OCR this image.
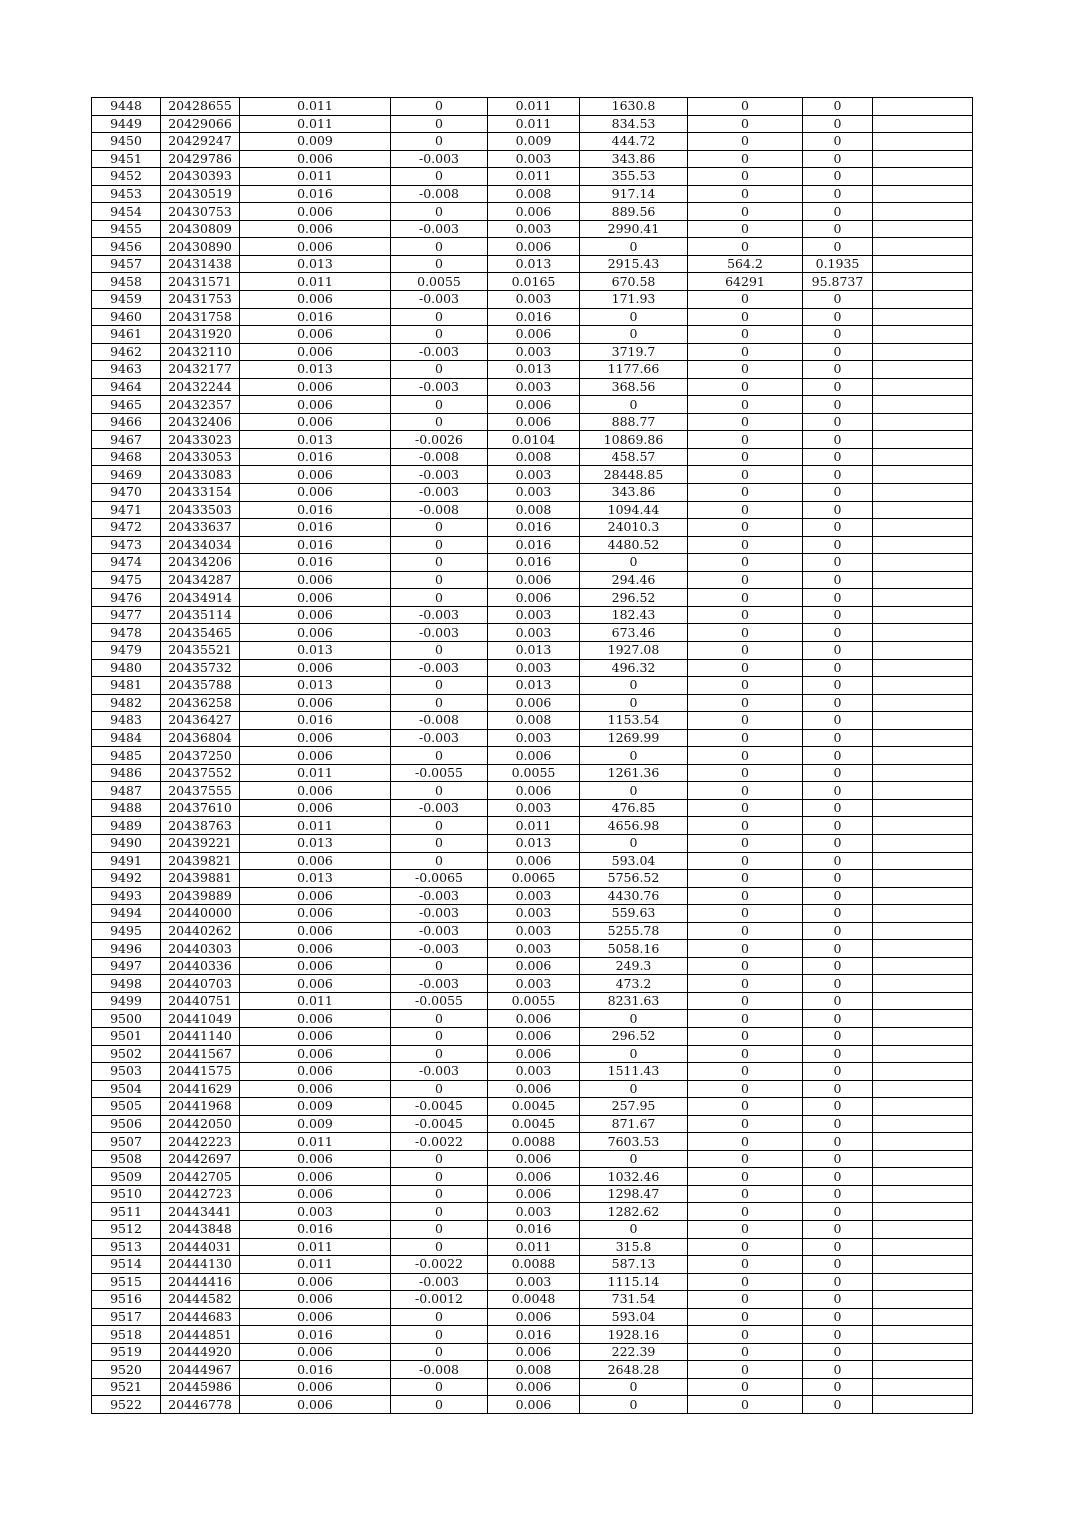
9448	20428655	0.011	0	0.011	1630.8	0	0	
9449	20429066	0.011	0	0.011	834.53	0	0	
9450	20429247	0.009	0	0.009	444.72	0	0	
9451	20429786	0.006	-0.003	0.003	343.86	0	0	
9452	20430393	0.011	0	0.011	355.53	0	0	
9453	20430519	0.016	-0.008	0.008	917.14	0	0	
9454	20430753	0.006	0	0.006	889.56	0	0	
9455	20430809	0.006	-0.003	0.003	2990.41	0	0	
9456	20430890	0.006	0	0.006	0	0	0	
9457	20431438	0.013	0	0.013	2915.43	564.2	0.1935	
9458	20431571	0.011	0.0055	0.0165	670.58	64291	95.8737	
9459	20431753	0.006	-0.003	0.003	171.93	0	0	
9460	20431758	0.016	0	0.016	0	0	0	
9461	20431920	0.006	0	0.006	0	0	0	
9462	20432110	0.006	-0.003	0.003	3719.7	0	0	
9463	20432177	0.013	0	0.013	1177.66	0	0	
9464	20432244	0.006	-0.003	0.003	368.56	0	0	
9465	20432357	0.006	0	0.006	0	0	0	
9466	20432406	0.006	0	0.006	888.77	0	0	
9467	20433023	0.013	-0.0026	0.0104	10869.86	0	0	
9468	20433053	0.016	-0.008	0.008	458.57	0	0	
9469	20433083	0.006	-0.003	0.003	28448.85	0	0	
9470	20433154	0.006	-0.003	0.003	343.86	0	0	
9471	20433503	0.016	-0.008	0.008	1094.44	0	0	
9472	20433637	0.016	0	0.016	24010.3	0	0	
9473	20434034	0.016	0	0.016	4480.52	0	0	
9474	20434206	0.016	0	0.016	0	0	0	
9475	20434287	0.006	0	0.006	294.46	0	0	
9476	20434914	0.006	0	0.006	296.52	0	0	
9477	20435114	0.006	-0.003	0.003	182.43	0	0	
9478	20435465	0.006	-0.003	0.003	673.46	0	0	
9479	20435521	0.013	0	0.013	1927.08	0	0	
9480	20435732	0.006	-0.003	0.003	496.32	0	0	
9481	20435788	0.013	0	0.013	0	0	0	
9482	20436258	0.006	0	0.006	0	0	0	
9483	20436427	0.016	-0.008	0.008	1153.54	0	0	
9484	20436804	0.006	-0.003	0.003	1269.99	0	0	
9485	20437250	0.006	0	0.006	0	0	0	
9486	20437552	0.011	-0.0055	0.0055	1261.36	0	0	
9487	20437555	0.006	0	0.006	0	0	0	
9488	20437610	0.006	-0.003	0.003	476.85	0	0	
9489	20438763	0.011	0	0.011	4656.98	0	0	
9490	20439221	0.013	0	0.013	0	0	0	
9491	20439821	0.006	0	0.006	593.04	0	0	
9492	20439881	0.013	-0.0065	0.0065	5756.52	0	0	
9493	20439889	0.006	-0.003	0.003	4430.76	0	0	
9494	20440000	0.006	-0.003	0.003	559.63	0	0	
9495	20440262	0.006	-0.003	0.003	5255.78	0	0	
9496	20440303	0.006	-0.003	0.003	5058.16	0	0	
9497	20440336	0.006	0	0.006	249.3	0	0	
9498	20440703	0.006	-0.003	0.003	473.2	0	0	
9499	20440751	0.011	-0.0055	0.0055	8231.63	0	0	
9500	20441049	0.006	0	0.006	0	0	0	
9501	20441140	0.006	0	0.006	296.52	0	0	
9502	20441567	0.006	0	0.006	0	0	0	
9503	20441575	0.006	-0.003	0.003	1511.43	0	0	
9504	20441629	0.006	0	0.006	0	0	0	
9505	20441968	0.009	-0.0045	0.0045	257.95	0	0	
9506	20442050	0.009	-0.0045	0.0045	871.67	0	0	
9507	20442223	0.011	-0.0022	0.0088	7603.53	0	0	
9508	20442697	0.006	0	0.006	0	0	0	
9509	20442705	0.006	0	0.006	1032.46	0	0	
9510	20442723	0.006	0	0.006	1298.47	0	0	
9511	20443441	0.003	0	0.003	1282.62	0	0	
9512	20443848	0.016	0	0.016	0	0	0	
9513	20444031	0.011	0	0.011	315.8	0	0	
9514	20444130	0.011	-0.0022	0.0088	587.13	0	0	
9515	20444416	0.006	-0.003	0.003	1115.14	0	0	
9516	20444582	0.006	-0.0012	0.0048	731.54	0	0	
9517	20444683	0.006	0	0.006	593.04	0	0	
9518	20444851	0.016	0	0.016	1928.16	0	0	
9519	20444920	0.006	0	0.006	222.39	0	0	
9520	20444967	0.016	-0.008	0.008	2648.28	0	0	
9521	20445986	0.006	0	0.006	0	0	0	
9522	20446778	0.006	0	0.006	0	0	0	
